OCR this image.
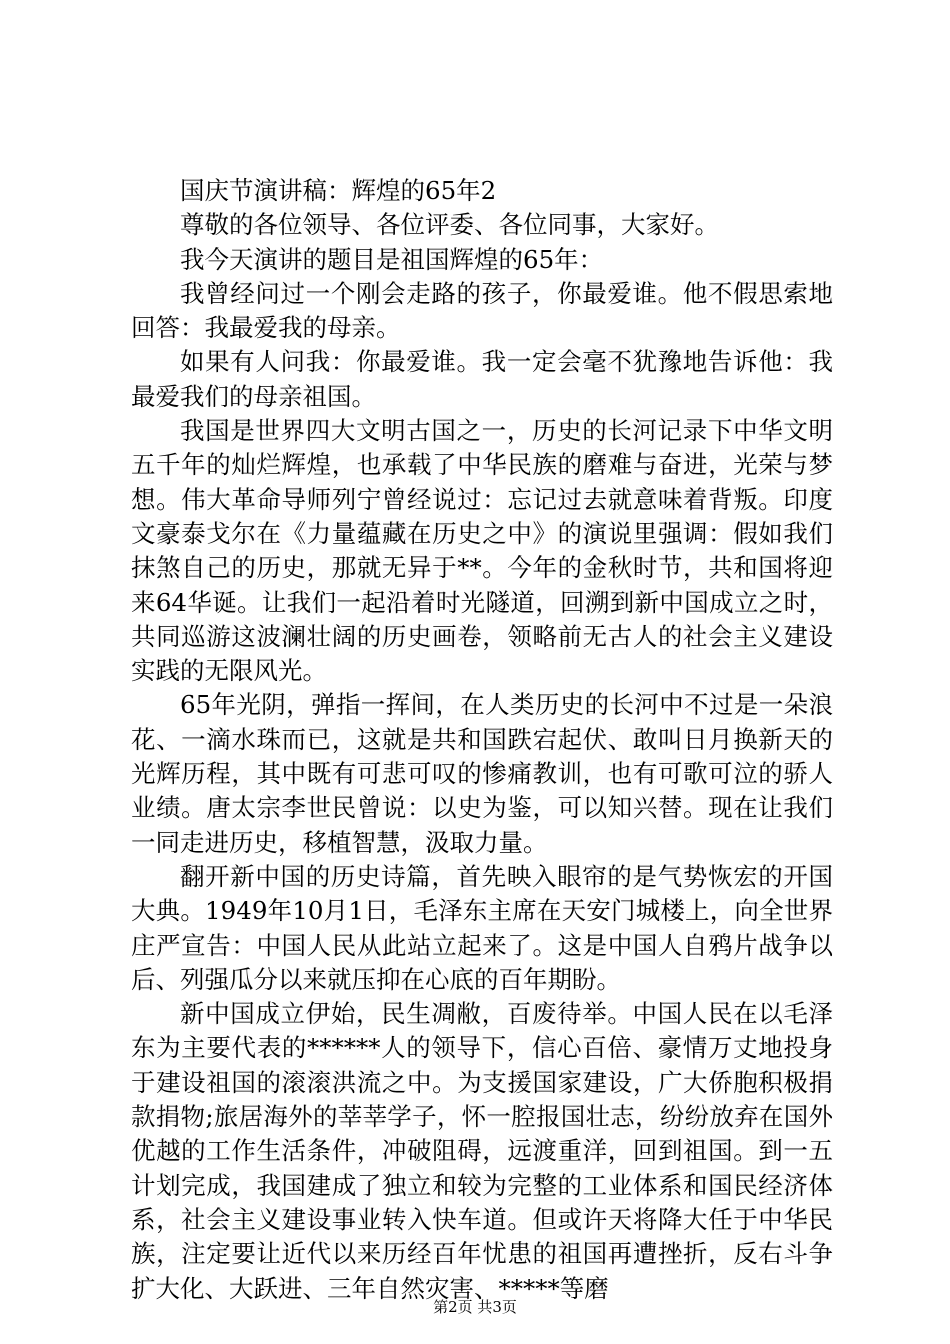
国庆节演讲稿：辉煌的65年2

尊敬的各位领导、各位评委、各位同事，大家好。

我今天演讲的题目是祖国辉煌的65年：

我曾经问过一个刚会走路的孩子，你最爱谁。他不假思索地回答：我最爱我的母亲。

如果有人问我：你最爱谁。我一定会毫不犹豫地告诉他：我最爱我们的母亲祖国。

我国是世界四大文明古国之一，历史的长河记录下中华文明五千年的灿烂辉煌，也承载了中华民族的磨难与奋进，光荣与梦想。伟大革命导师列宁曾经说过：忘记过去就意味着背叛。印度文豪泰戈尔在《力量蕴藏在历史之中》的演说里强调：假如我们抹煞自己的历史，那就无异于**。今年的金秋时节，共和国将迎来64华诞。让我们一起沿着时光隧道，回溯到新中国成立之时，共同巡游这波澜壮阔的历史画卷，领略前无古人的社会主义建设实践的无限风光。

65年光阴，弹指一挥间，在人类历史的长河中不过是一朵浪花、一滴水珠而已，这就是共和国跌宕起伏、敢叫日月换新天的光辉历程，其中既有可悲可叹的惨痛教训，也有可歌可泣的骄人业绩。唐太宗李世民曾说：以史为鉴，可以知兴替。现在让我们一同走进历史，移植智慧，汲取力量。

翻开新中国的历史诗篇，首先映入眼帘的是气势恢宏的开国大典。1949年10月1日，毛泽东主席在天安门城楼上，向全世界庄严宣告：中国人民从此站立起来了。这是中国人自鸦片战争以后、列强瓜分以来就压抑在心底的百年期盼。

新中国成立伊始，民生凋敝，百废待举。中国人民在以毛泽东为主要代表的******人的领导下，信心百倍、豪情万丈地投身于建设祖国的滚滚洪流之中。为支援国家建设，广大侨胞积极捐款捐物;旅居海外的莘莘学子，怀一腔报国壮志，纷纷放弃在国外优越的工作生活条件，冲破阻碍，远渡重洋，回到祖国。到一五计划完成，我国建成了独立和较为完整的工业体系和国民经济体系，社会主义建设事业转入快车道。但或许天将降大任于中华民族，注定要让近代以来历经百年忧患的祖国再遭挫折，反右斗争扩大化、大跃进、三年自然灾害、*****等磨

第2页 共3页
